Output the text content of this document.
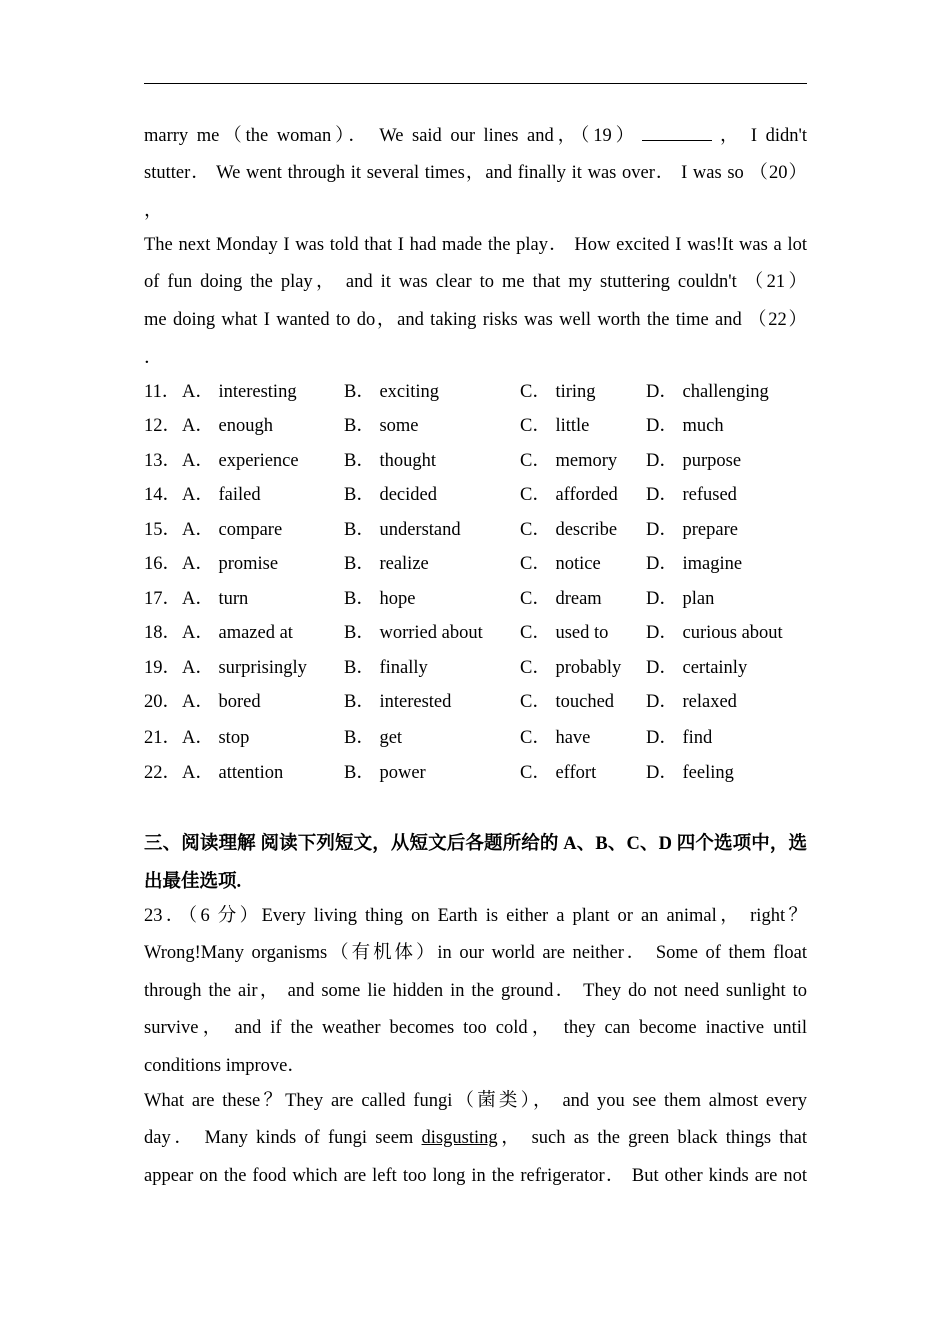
marry me（the woman）． We said our lines and，（19）	， I didn't
stutter． We went through it several times，and finally it was over． I was so （20）
，
The next Monday I was told that I had made the play． How excited I was!It was a lot
of fun doing the play， and it was clear to me that my stuttering couldn't （21）
me doing what I wanted to do，and taking risks was well worth the time and （22）
．
11． A． interesting	B． exciting	C． tiring	D． challenging
12． A． enough	B． some	C． little	D． much
13． A． experience B． thought	C． memory D． purpose
14． A． failed	B． decided	C． afforded D． refused
15． A． compare	B． understand	C． describe D． prepare
16． A． promise	B． realize	C． notice D． imagine
17． A． turn	B． hope	C． dream D． plan
18． A． amazed at	B． worried about C． used to D． curious about
19． A． surprisingly B． finally	C． probably D． certainly
20． A． bored	B． interested	C． touched D． relaxed
21． A． stop	B． get	C． have	D． find
22． A． attention	B． power	C． effort	D． feeling
三、阅读理解 阅读下列短文，从短文后各题所给的 A、B、C、D 四个选项中，选
出最佳选项.
23．（6 分）Every living thing on Earth is either a plant or an animal， right？
Wrong!Many organisms（有机体）in our world are neither． Some of them float
through the air， and some lie hidden in the ground． They do not need sunlight to
survive， and if the weather becomes too cold， they can become inactive until
conditions improve．
What are these？They are called fungi（菌类）， and you see them almost every
day． Many kinds of fungi seem disgusting， such as the green black things that
appear on the food which are left too long in the refrigerator． But other kinds are not
